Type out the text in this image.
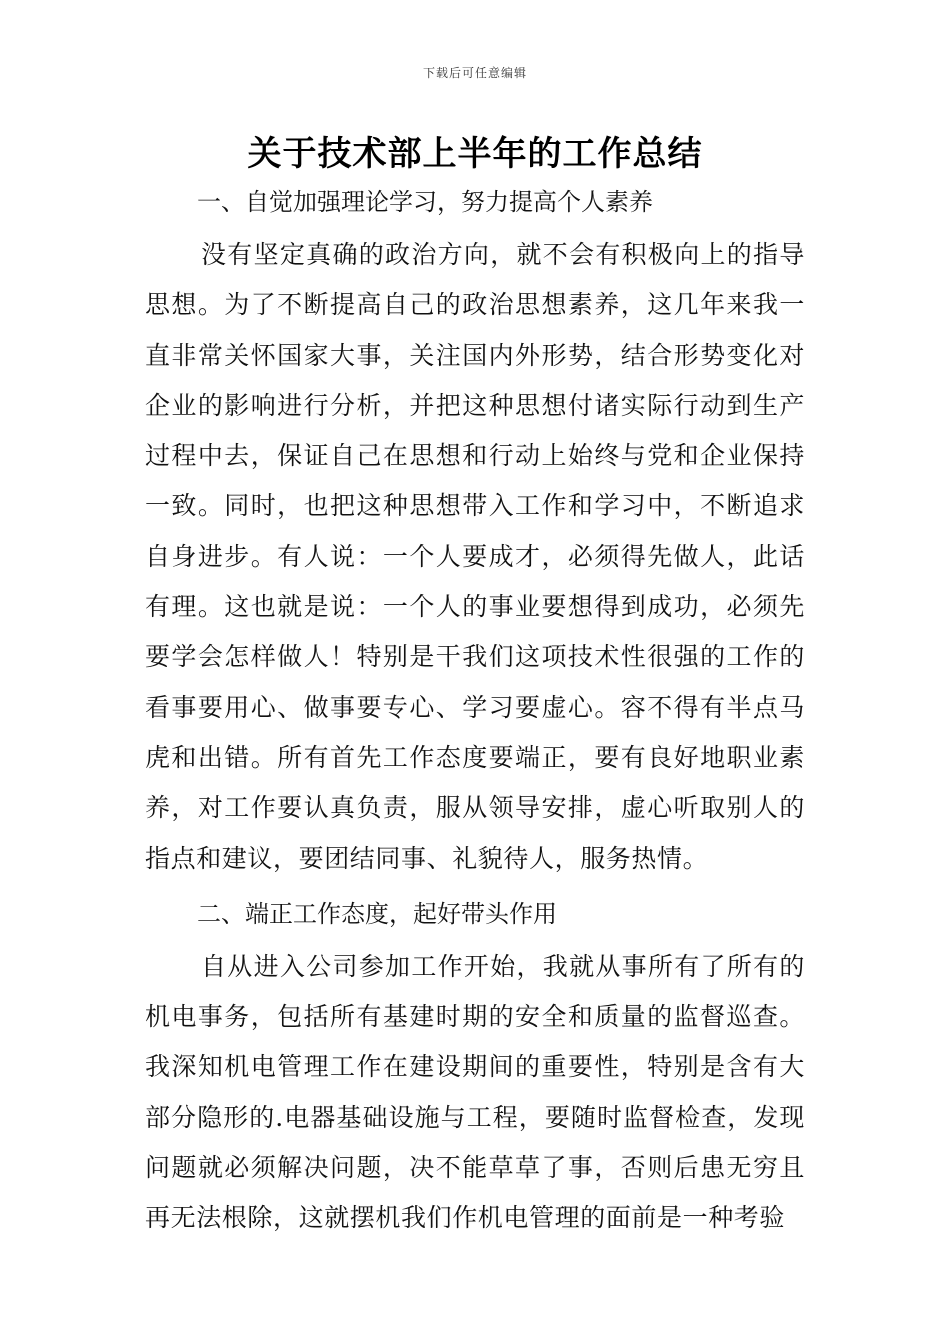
下载后可任意编辑
关于技术部上半年的工作总结

一、自觉加强理论学习，努力提高个人素养

没有坚定真确的政治方向，就不会有积极向上的指导思想。为了不断提高自己的政治思想素养，这几年来我一直非常关怀国家大事，关注国内外形势，结合形势变化对企业的影响进行分析，并把这种思想付诸实际行动到生产过程中去，保证自己在思想和行动上始终与党和企业保持一致。同时，也把这种思想带入工作和学习中，不断追求自身进步。有人说：一个人要成才，必须得先做人，此话有理。这也就是说：一个人的事业要想得到成功，必须先要学会怎样做人！特别是干我们这项技术性很强的工作的看事要用心、做事要专心、学习要虚心。容不得有半点马虎和出错。所有首先工作态度要端正，要有良好地职业素养，对工作要认真负责，服从领导安排，虚心听取别人的指点和建议，要团结同事、礼貌待人，服务热情。

二、端正工作态度，起好带头作用

自从进入公司参加工作开始，我就从事所有了所有的机电事务，包括所有基建时期的安全和质量的监督巡查。我深知机电管理工作在建设期间的重要性，特别是含有大部分隐形的.电器基础设施与工程，要随时监督检查，发现问题就必须解决问题，决不能草草了事，否则后患无穷且再无法根除，这就摆机我们作机电管理的面前是一种考验
